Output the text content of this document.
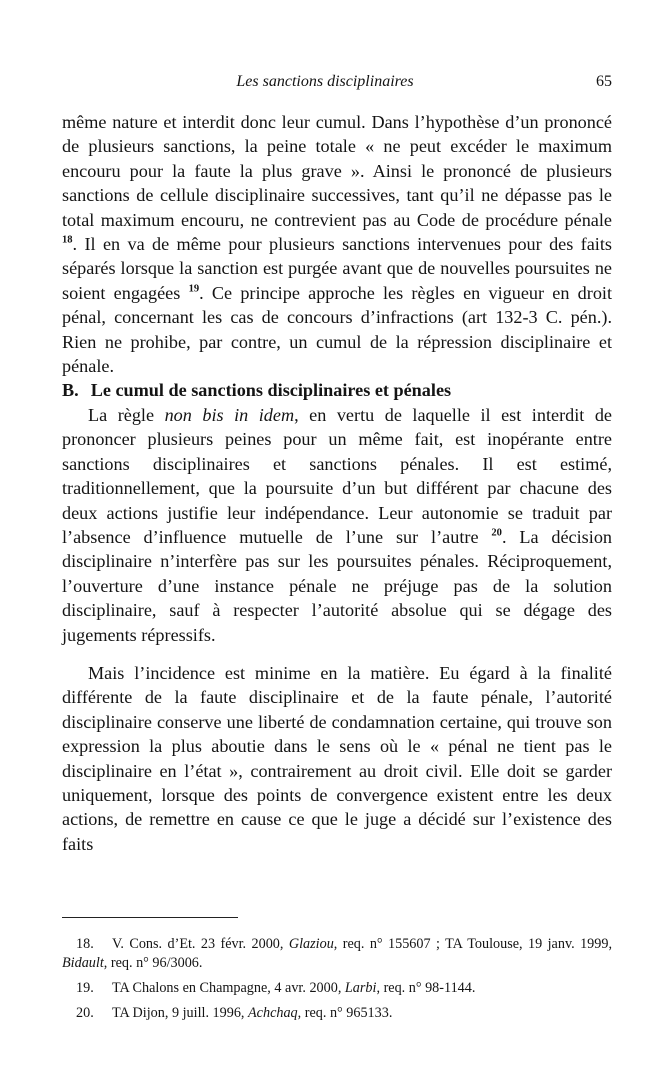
Les sanctions disciplinaires	65

même nature et interdit donc leur cumul. Dans l’hypothèse d’un prononcé de plusieurs sanctions, la peine totale « ne peut excéder le maximum encouru pour la faute la plus grave ». Ainsi le prononcé de plusieurs sanctions de cellule disciplinaire successives, tant qu’il ne dépasse pas le total maximum encouru, ne contrevient pas au Code de procédure pénale $^{18}$. Il en va de même pour plusieurs sanctions intervenues pour des faits séparés lorsque la sanction est purgée avant que de nouvelles poursuites ne soient engagées $^{19}$. Ce principe approche les règles en vigueur en droit pénal, concernant les cas de concours d’infractions (art 132-3 C. pén.). Rien ne prohibe, par contre, un cumul de la répression disciplinaire et pénale.

B. Le cumul de sanctions disciplinaires et pénales

La règle non bis in idem, en vertu de laquelle il est interdit de prononcer plusieurs peines pour un même fait, est inopérante entre sanctions disciplinaires et sanctions pénales. Il est estimé, traditionnellement, que la poursuite d’un but différent par chacune des deux actions justifie leur indépendance. Leur autonomie se traduit par l’absence d’influence mutuelle de l’une sur l’autre $^{20}$. La décision disciplinaire n’interfère pas sur les poursuites pénales. Réciproquement, l’ouverture d’une instance pénale ne préjuge pas de la solution disciplinaire, sauf à respecter l’autorité absolue qui se dégage des jugements répressifs.

Mais l’incidence est minime en la matière. Eu égard à la finalité différente de la faute disciplinaire et de la faute pénale, l’autorité disciplinaire conserve une liberté de condamnation certaine, qui trouve son expression la plus aboutie dans le sens où le « pénal ne tient pas le disciplinaire en l’état », contrairement au droit civil. Elle doit se garder uniquement, lorsque des points de convergence existent entre les deux actions, de remettre en cause ce que le juge a décidé sur l’existence des faits

18. V. Cons. d’Et. 23 févr. 2000, Glaziou, req. n° 155607 ; TA Toulouse, 19 janv. 1999, Bidault, req. n° 96/3006.

19. TA Chalons en Champagne, 4 avr. 2000, Larbi, req. n° 98-1144.

20. TA Dijon, 9 juill. 1996, Achchaq, req. n° 965133.
